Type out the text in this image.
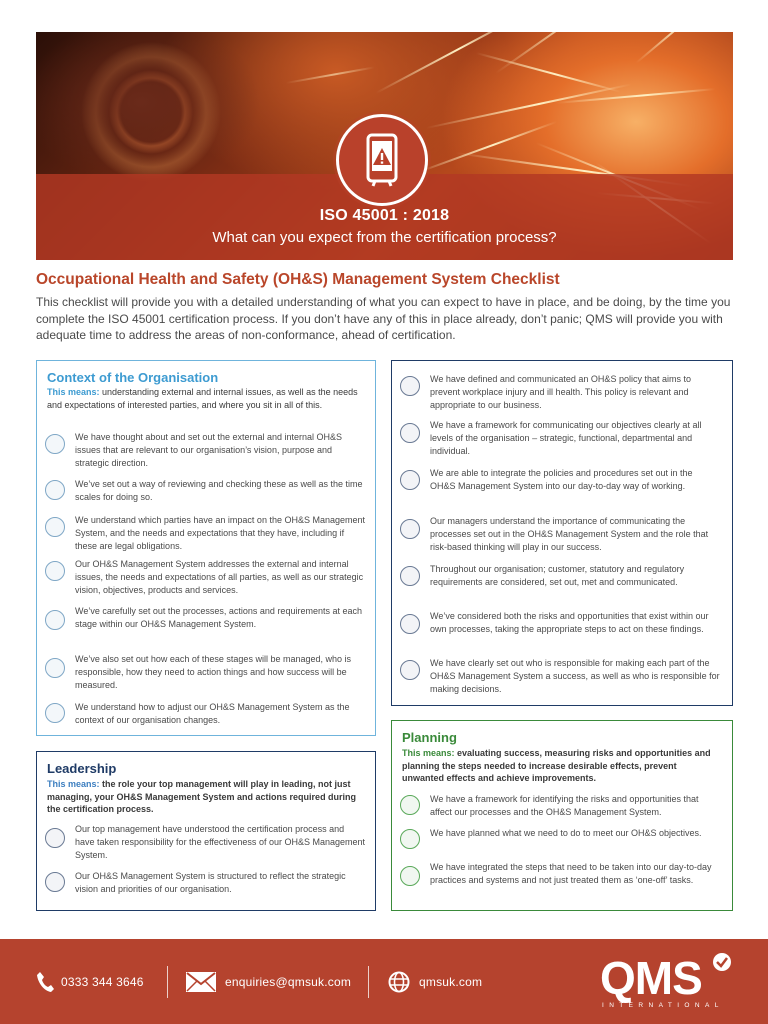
ISO 45001 : 2018
What can you expect from the certification process?
Occupational Health and Safety (OH&S) Management System Checklist
This checklist will provide you with a detailed understanding of what you can expect to have in place, and be doing, by the time you complete the ISO 45001 certification process. If you don’t have any of this in place already, don’t panic; QMS will provide you with adequate time to address the areas of non-conformance, ahead of certification.
Context of the Organisation
This means: understanding external and internal issues, as well as the needs and expectations of interested parties, and where you sit in all of this.
We have thought about and set out the external and internal OH&S issues that are relevant to our organisation’s vision, purpose and strategic direction.
We’ve set out a way of reviewing and checking these as well as the time scales for doing so.
We understand which parties have an impact on the OH&S Management System, and the needs and expectations that they have, including if these are legal obligations.
Our OH&S Management System addresses the external and internal issues, the needs and expectations of all parties, as well as our strategic vision, objectives, products and services.
We’ve carefully set out the processes, actions and requirements at each stage within our OH&S Management System.
We’ve also set out how each of these stages will be managed, who is responsible, how they need to action things and how success will be measured.
We understand how to adjust our OH&S Management System as the context of our organisation changes.
Leadership
This means: the role your top management will play in leading, not just managing, your OH&S Management System and actions required during the certification process.
Our top management have understood the certification process and have taken responsibility for the effectiveness of our OH&S Management System.
Our OH&S Management System is structured to reflect the strategic vision and priorities of our organisation.
We have defined and communicated an OH&S policy that aims to prevent workplace injury and ill health. This policy is relevant and appropriate to our business.
We have a framework for communicating our objectives clearly at all levels of the organisation – strategic, functional, departmental and individual.
We are able to integrate the policies and procedures set out in the OH&S Management System into our day-to-day way of working.
Our managers understand the importance of communicating the processes set out in the OH&S Management System and the role that risk-based thinking will play in our success.
Throughout our organisation; customer, statutory and regulatory requirements are considered, set out, met and communicated.
We’ve considered both the risks and opportunities that exist within our own processes, taking the appropriate steps to act on these findings.
We have clearly set out who is responsible for making each part of the OH&S Management System a success, as well as who is responsible for making decisions.
Planning
This means: evaluating success, measuring risks and opportunities and planning the steps needed to increase desirable effects, prevent unwanted effects and achieve improvements.
We have a framework for identifying the risks and opportunities that affect our processes and the OH&S Management System.
We have planned what we need to do to meet our OH&S objectives.
We have integrated the steps that need to be taken into our day-to-day practices and systems and not just treated them as ‘one-off’ tasks.
0333 344 3646	enquiries@qmsuk.com	qmsuk.com	QMS
INTERNATIONAL
